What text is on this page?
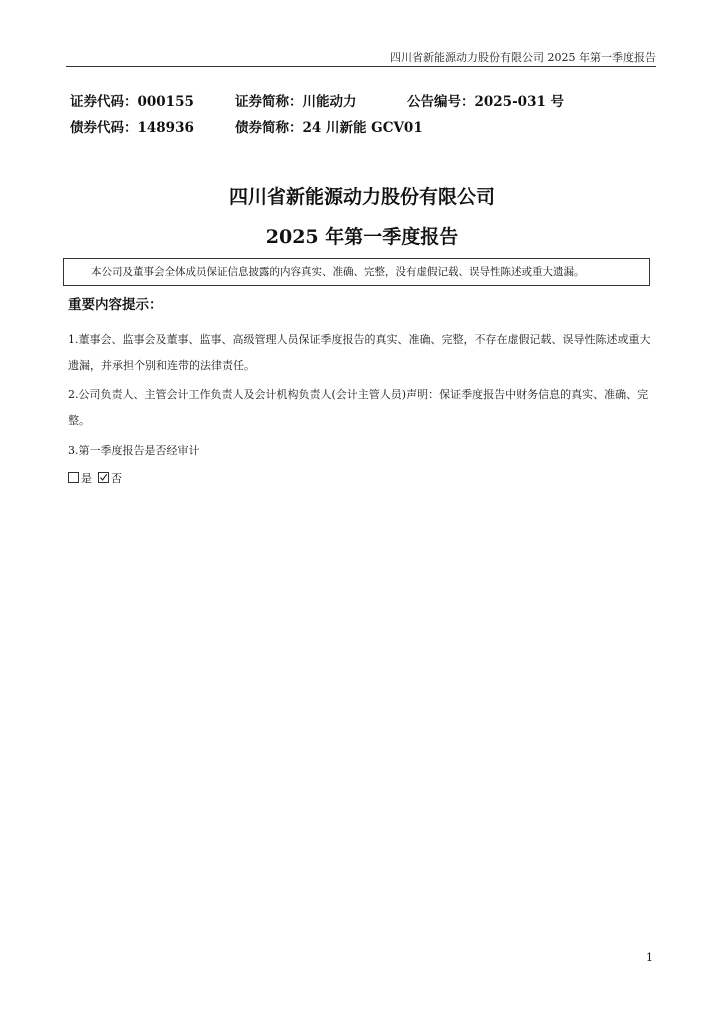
四川省新能源动力股份有限公司 2025 年第一季度报告
证券代码：000155	证券简称：川能动力	公告编号：2025-031 号
债券代码：148936	债券简称：24 川新能 GCV01
四川省新能源动力股份有限公司
2025 年第一季度报告
本公司及董事会全体成员保证信息披露的内容真实、准确、完整，没有虚假记载、误导性陈述或重大遗漏。
重要内容提示：
1.董事会、监事会及董事、监事、高级管理人员保证季度报告的真实、准确、完整，不存在虚假记载、误导性陈述或重大遗漏，并承担个别和连带的法律责任。
2.公司负责人、主管会计工作负责人及会计机构负责人(会计主管人员)声明：保证季度报告中财务信息的真实、准确、完整。
3.第一季度报告是否经审计
是 否
1
